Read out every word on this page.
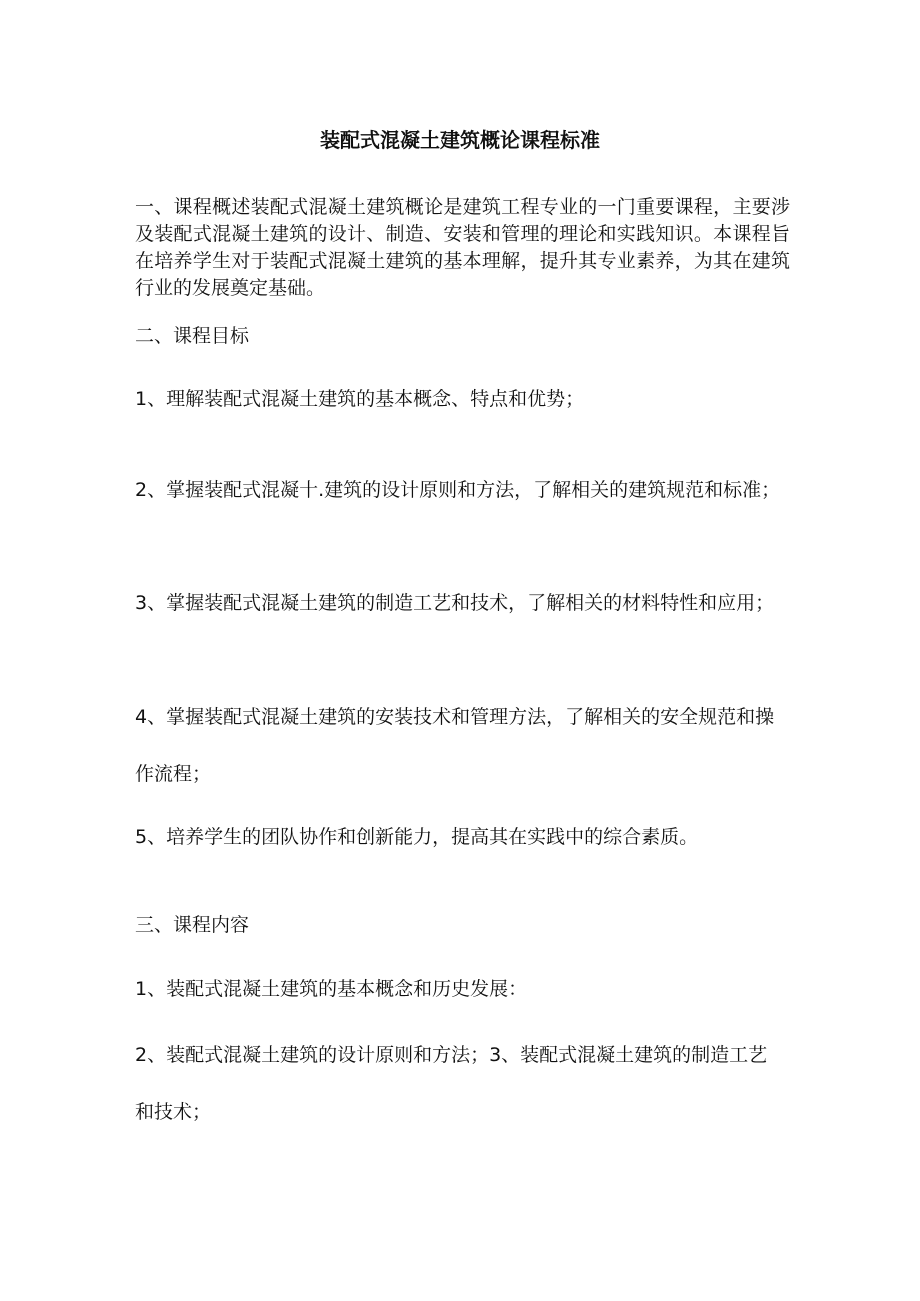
装配式混凝土建筑概论课程标准
一、课程概述装配式混凝土建筑概论是建筑工程专业的一门重要课程，主要涉及装配式混凝土建筑的设计、制造、安装和管理的理论和实践知识。本课程旨在培养学生对于装配式混凝土建筑的基本理解，提升其专业素养，为其在建筑行业的发展奠定基础。
二、课程目标
1、理解装配式混凝土建筑的基本概念、特点和优势；
2、掌握装配式混凝十.建筑的设计原则和方法，了解相关的建筑规范和标准；
3、掌握装配式混凝土建筑的制造工艺和技术，了解相关的材料特性和应用；
4、掌握装配式混凝土建筑的安装技术和管理方法，了解相关的安全规范和操作流程；
5、培养学生的团队协作和创新能力，提高其在实践中的综合素质。
三、课程内容
1、装配式混凝土建筑的基本概念和历史发展：
2、装配式混凝土建筑的设计原则和方法；3、装配式混凝土建筑的制造工艺和技术；
